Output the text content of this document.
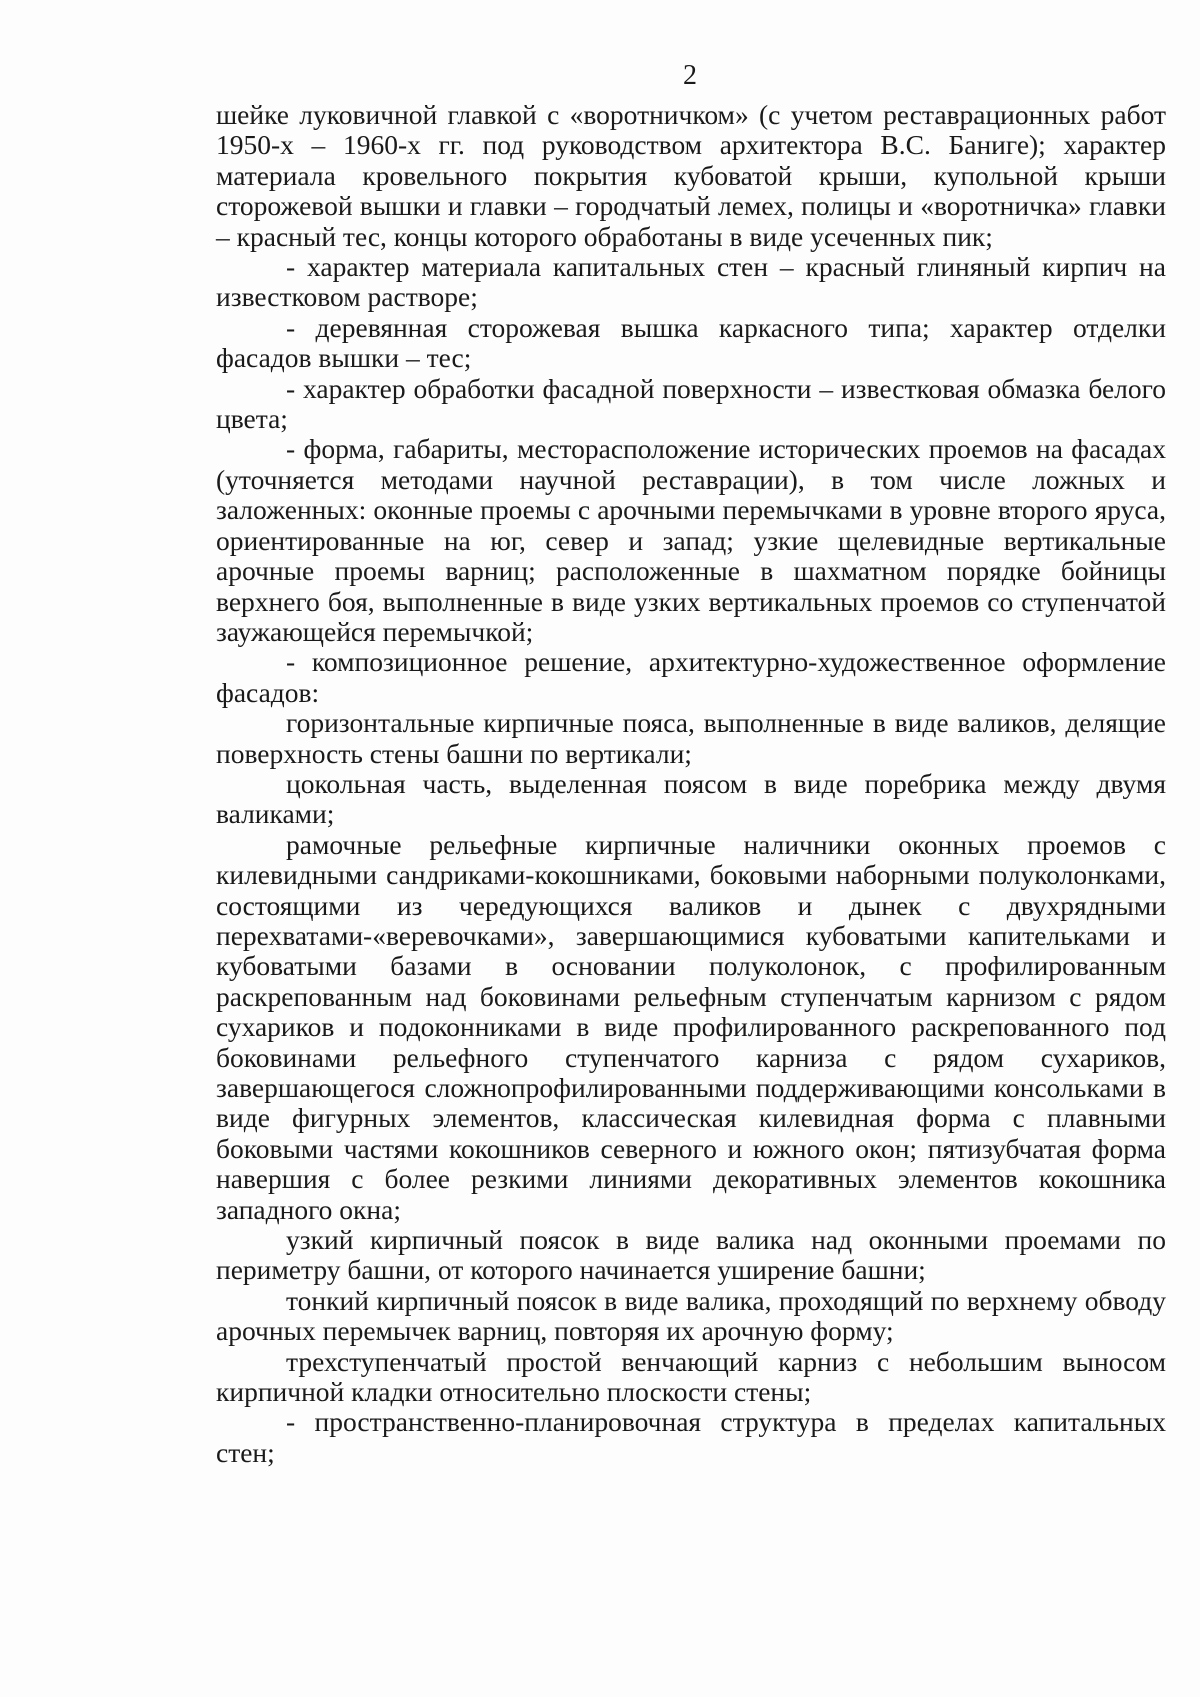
2

шейке луковичной главкой с «воротничком» (с учетом реставрационных работ 1950-х – 1960-х гг. под руководством архитектора В.С. Баниге); характер материала кровельного покрытия кубоватой крыши, купольной крыши сторожевой вышки и главки – городчатый лемех, полицы и «воротничка» главки – красный тес, концы которого обработаны в виде усеченных пик;

- характер материала капитальных стен – красный глиняный кирпич на известковом растворе;

- деревянная сторожевая вышка каркасного типа; характер отделки фасадов вышки – тес;

- характер обработки фасадной поверхности – известковая обмазка белого цвета;

- форма, габариты, месторасположение исторических проемов на фасадах (уточняется методами научной реставрации), в том числе ложных и заложенных: оконные проемы с арочными перемычками в уровне второго яруса, ориентированные на юг, север и запад; узкие щелевидные вертикальные арочные проемы варниц; расположенные в шахматном порядке бойницы верхнего боя, выполненные в виде узких вертикальных проемов со ступенчатой заужающейся перемычкой;

- композиционное решение, архитектурно-художественное оформление фасадов:

горизонтальные кирпичные пояса, выполненные в виде валиков, делящие поверхность стены башни по вертикали;

цокольная часть, выделенная поясом в виде поребрика между двумя валиками;

рамочные рельефные кирпичные наличники оконных проемов с килевидными сандриками-кокошниками, боковыми наборными полуколонками, состоящими из чередующихся валиков и дынек с двухрядными перехватами-«веревочками», завершающимися кубоватыми капительками и кубоватыми базами в основании полуколонок, с профилированным раскрепованным над боковинами рельефным ступенчатым карнизом с рядом сухариков и подоконниками в виде профилированного раскрепованного под боковинами рельефного ступенчатого карниза с рядом сухариков, завершающегося сложнопрофилированными поддерживающими консольками в виде фигурных элементов, классическая килевидная форма с плавными боковыми частями кокошников северного и южного окон; пятизубчатая форма навершия с более резкими линиями декоративных элементов кокошника западного окна;

узкий кирпичный поясок в виде валика над оконными проемами по периметру башни, от которого начинается уширение башни;

тонкий кирпичный поясок в виде валика, проходящий по верхнему обводу арочных перемычек варниц, повторяя их арочную форму;

трехступенчатый простой венчающий карниз с небольшим выносом кирпичной кладки относительно плоскости стены;

- пространственно-планировочная структура в пределах капитальных стен;
